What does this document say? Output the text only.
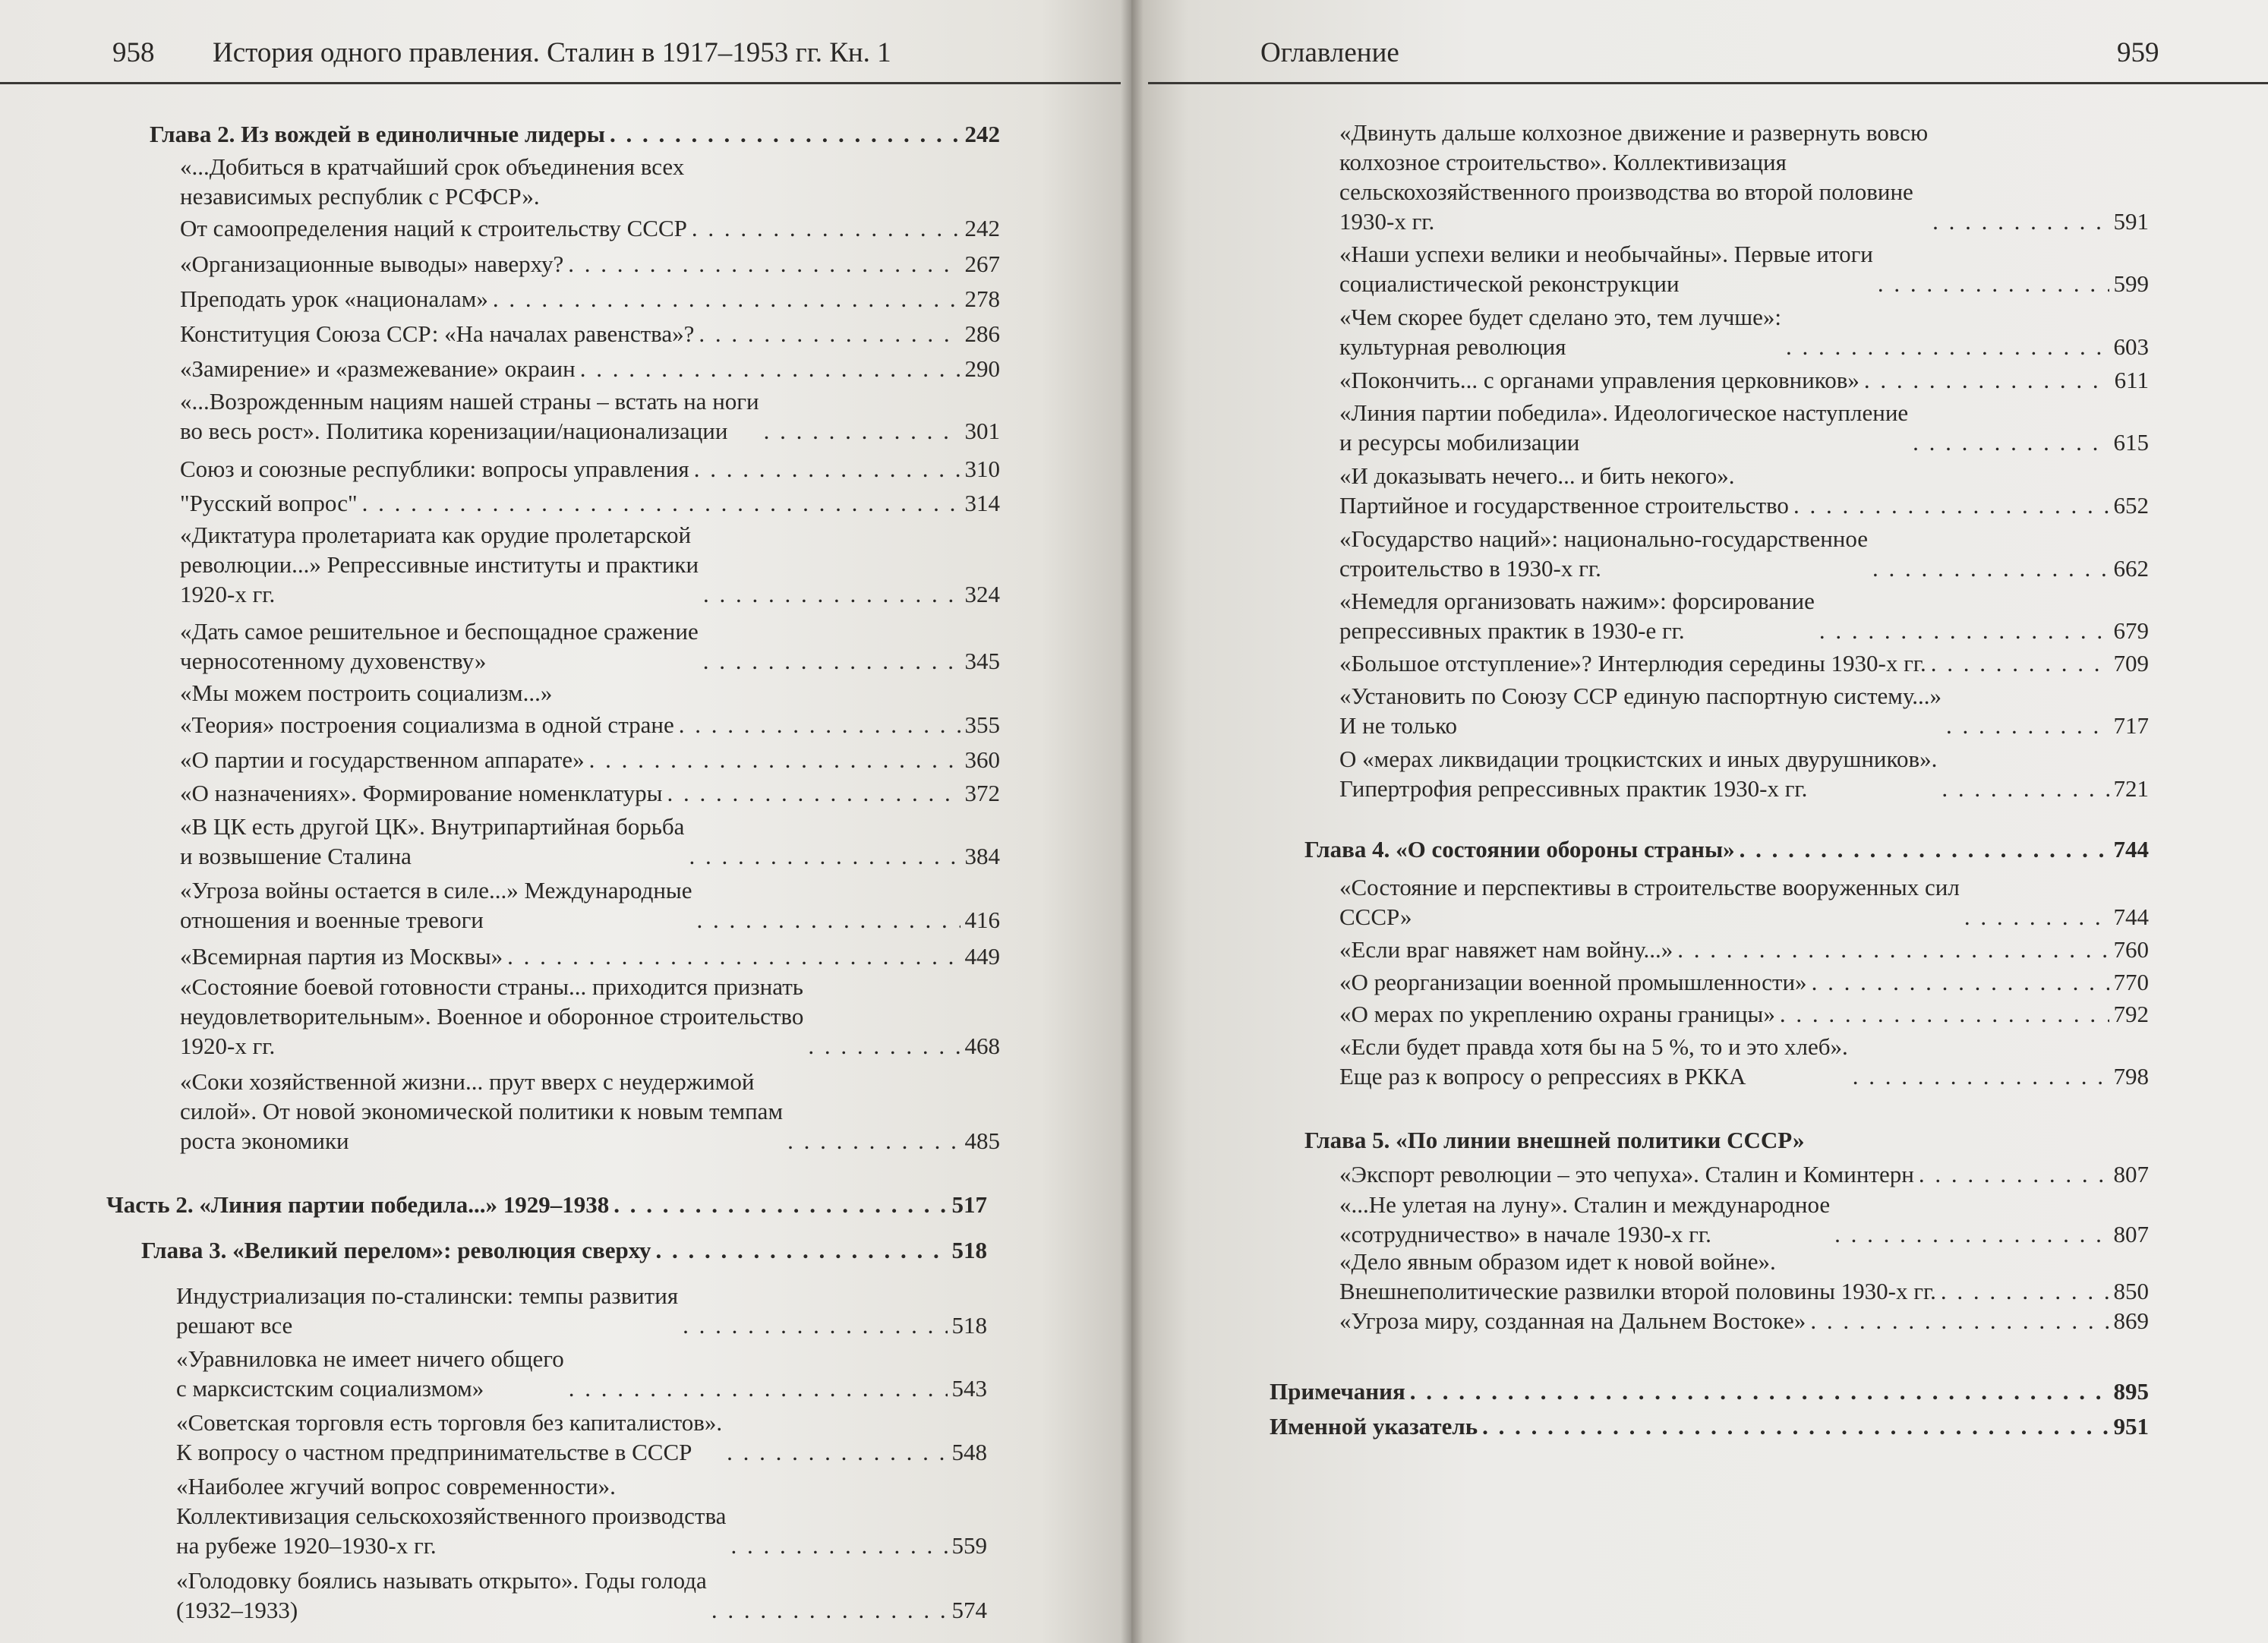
958 История одного правления. Сталин в 1917–1953 гг. Кн. 1
Глава 2. Из вождей в единоличные лидеры . . .	242
«...Добиться в кратчайший срок объединения всех
независимых республик с РСФСР».
От самоопределения наций к строительству СССР . . .	242
«Организационные выводы» наверху? . . .	267
Преподать урок «националам» . . .	278
Конституция Союза ССР: «На началах равенства»? . . .	286
«Замирение» и «размежевание» окраин . . .	290
«...Возрожденным нациям нашей страны – встать на ноги
во весь рост». Политика коренизации/национализации . . .	301
Союз и союзные республики: вопросы управления . . .	310
"Русский вопрос" . . .	314
«Диктатура пролетариата как орудие пролетарской
революции...» Репрессивные институты и практики
1920-х гг. . . .	324
«Дать самое решительное и беспощадное сражение
черносотенному духовенству» . . .	345
«Мы можем построить социализм...»
«Теория» построения социализма в одной стране . . .	355
«О партии и государственном аппарате» . . .	360
«О назначениях». Формирование номенклатуры . . .	372
«В ЦК есть другой ЦК». Внутрипартийная борьба
и возвышение Сталина . . .	384
«Угроза войны остается в силе...» Международные
отношения и военные тревоги . . .	416
«Всемирная партия из Москвы» . . .	449
«Состояние боевой готовности страны... приходится признать
неудовлетворительным». Военное и оборонное строительство
1920-х гг. . . .	468
«Соки хозяйственной жизни... прут вверх с неудержимой
силой». От новой экономической политики к новым темпам
роста экономики . . .	485
Часть 2. «Линия партии победила...» 1929–1938 . . .	517
Глава 3. «Великий перелом»: революция сверху . . .	518
Индустриализация по-сталински: темпы развития
решают все . . .	518
«Уравниловка не имеет ничего общего
с марксистским социализмом» . . .	543
«Советская торговля есть торговля без капиталистов».
К вопросу о частном предпринимательстве в СССР . . .	548
«Наиболее жгучий вопрос современности».
Коллективизация сельскохозяйственного производства
на рубеже 1920–1930-х гг. . . .	559
«Голодовку боялись называть открыто». Годы голода
(1932–1933) . . .	574
Оглавление	959
«Двинуть дальше колхозное движение и развернуть вовсю
колхозное строительство». Коллективизация
сельскохозяйственного производства во второй половине
1930-х гг. . . .	591
«Наши успехи велики и необычайны». Первые итоги
социалистической реконструкции . . .	599
«Чем скорее будет сделано это, тем лучше»:
культурная революция . . .	603
«Покончить... с органами управления церковников» . . .	611
«Линия партии победила». Идеологическое наступление
и ресурсы мобилизации . . .	615
«И доказывать нечего... и бить некого».
Партийное и государственное строительство . . .	652
«Государство наций»: национально-государственное
строительство в 1930-х гг. . . .	662
«Немедля организовать нажим»: форсирование
репрессивных практик в 1930-е гг. . . .	679
«Большое отступление»? Интерлюдия середины 1930-х гг. . . .	709
«Установить по Союзу ССР единую паспортную систему...»
И не только . . .	717
О «мерах ликвидации троцкистских и иных двурушников».
Гипертрофия репрессивных практик 1930-х гг. . . .	721
Глава 4. «О состоянии обороны страны» . . .	744
«Состояние и перспективы в строительстве вооруженных сил
СССР» . . .	744
«Если враг навяжет нам войну...» . . .	760
«О реорганизации военной промышленности» . . .	770
«О мерах по укреплению охраны границы» . . .	792
«Если будет правда хотя бы на 5 %, то и это хлеб».
Еще раз к вопросу о репрессиях в РККА . . .	798
Глава 5. «По линии внешней политики СССР»
«Экспорт революции – это чепуха». Сталин и Коминтерн . . .	807
«...Не улетая на луну». Сталин и международное
«сотрудничество» в начале 1930-х гг. . . .	807
«Дело явным образом идет к новой войне».
Внешнеполитические развилки второй половины 1930-х гг. . . .	850
«Угроза миру, созданная на Дальнем Востоке» . . .	869
Примечания . . .	895
Именной указатель . . .	951
